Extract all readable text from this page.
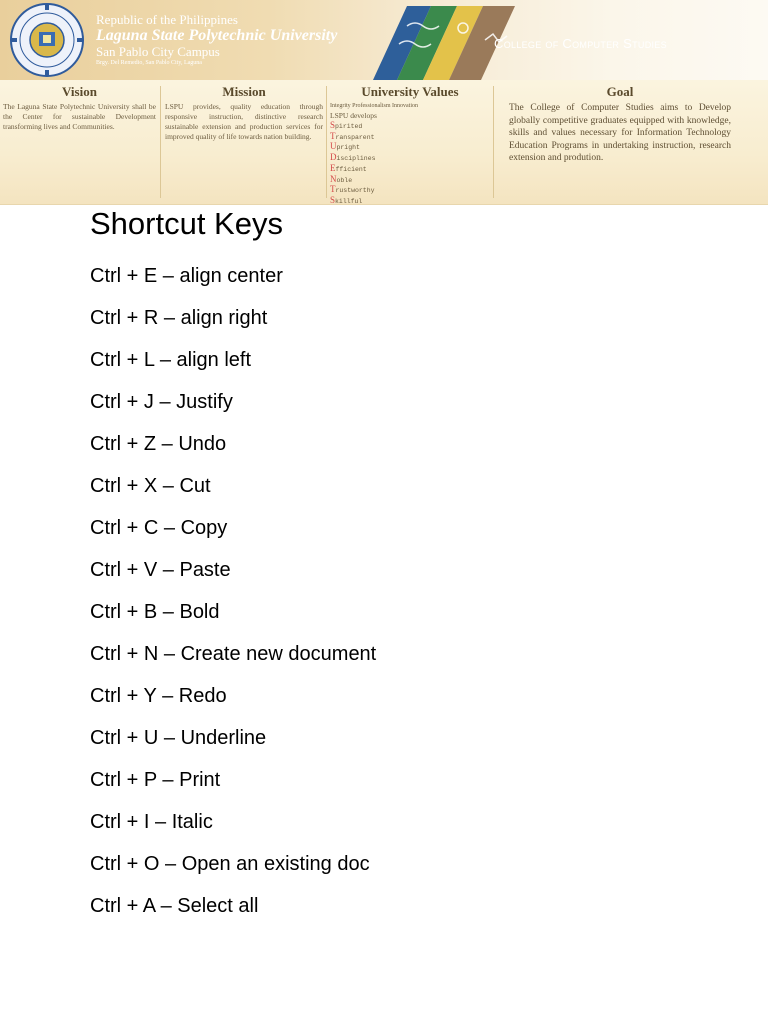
Republic of the Philippines
Laguna State Polytechnic University
San Pablo City Campus
Brgy. Del Remedio, San Pablo City, Laguna
College of Computer Studies
Vision

The Laguna State Polytechnic University shall be the Center for sustainable Development transforming lives and Communities.

Mission

LSPU provides, quality education through responsive instruction, distinctive research sustainable extension and production services for improved quality of life towards nation building.

University Values
Integrity Professionalism Innovation
LSPU develops
Spirited
Transparent
Upright
Disciplines
Efficient
Noble
Trustworthy
Skillful
Goal

The College of Computer Studies aims to Develop globally competitive graduates equipped with knowledge, skills and values necessary for Information Technology Education Programs in undertaking instruction, research extension and prodution.

Shortcut Keys
Ctrl + E – align center
Ctrl + R – align right
Ctrl + L – align left
Ctrl + J – Justify
Ctrl + Z – Undo
Ctrl + X – Cut
Ctrl + C – Copy
Ctrl + V – Paste
Ctrl + B – Bold
Ctrl + N – Create new document
Ctrl + Y – Redo
Ctrl + U – Underline
Ctrl + P – Print
Ctrl + I – Italic
Ctrl + O – Open an existing doc
Ctrl + A – Select all
